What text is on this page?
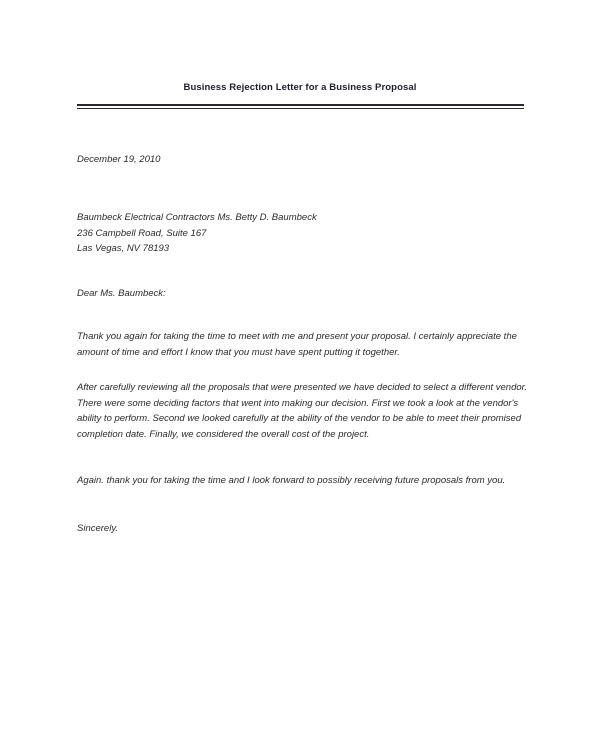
Business Rejection Letter for a Business Proposal
December 19, 2010
Baumbeck Electrical Contractors Ms. Betty D. Baumbeck
236 Campbell Road, Suite 167
Las Vegas, NV 78193
Dear Ms. Baumbeck:
Thank you again for taking the time to meet with me and present your proposal. I certainly appreciate the
amount of time and effort I know that you must have spent putting it together.
After carefully reviewing all the proposals that were presented we have decided to select a different vendor.
There were some deciding factors that went into making our decision. First we took a look at the vendor's
ability to perform. Second we looked carefully at the ability of the vendor to be able to meet their promised
completion date. Finally, we considered the overall cost of the project.
Again. thank you for taking the time and I look forward to possibly receiving future proposals from you.
Sincerely.
